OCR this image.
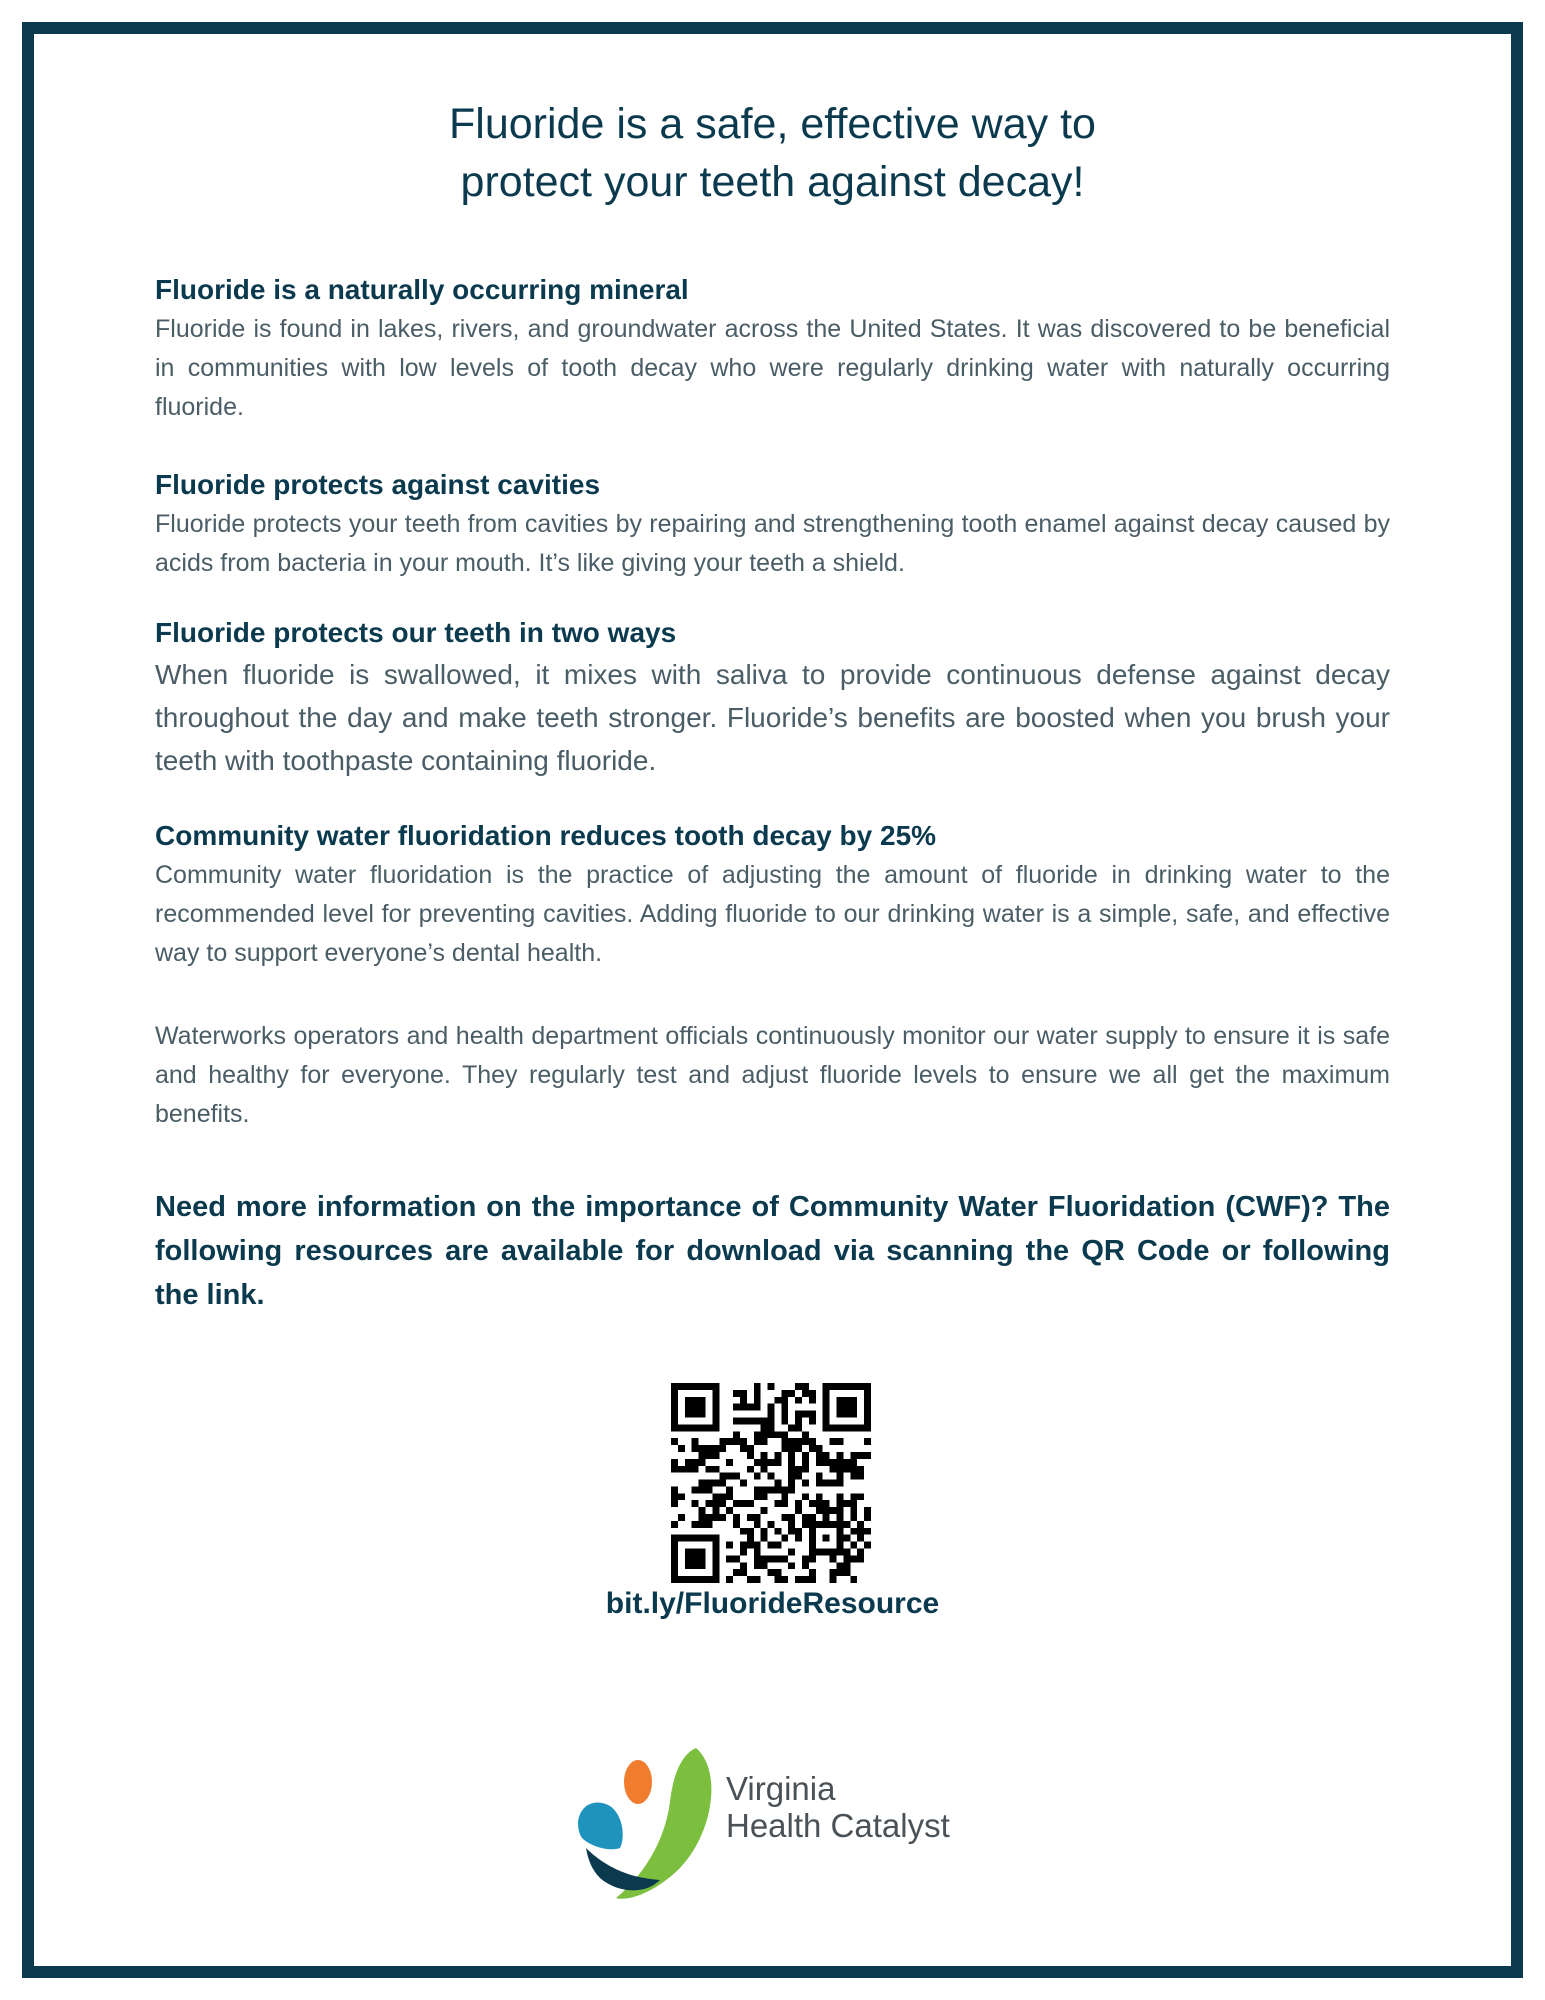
Fluoride is a safe, effective way to
protect your teeth against decay!
Fluoride is a naturally occurring mineral

Fluoride is found in lakes, rivers, and groundwater across the United States. It was discovered to be beneficial in communities with low levels of tooth decay who were regularly drinking water with naturally occurring fluoride.

Fluoride protects against cavities

Fluoride protects your teeth from cavities by repairing and strengthening tooth enamel against decay caused by acids from bacteria in your mouth. It’s like giving your teeth a shield.

Fluoride protects our teeth in two ways

When fluoride is swallowed, it mixes with saliva to provide continuous defense against decay throughout the day and make teeth stronger. Fluoride’s benefits are boosted when you brush your teeth with toothpaste containing fluoride.

Community water fluoridation reduces tooth decay by 25%

Community water fluoridation is the practice of adjusting the amount of fluoride in drinking water to the recommended level for preventing cavities. Adding fluoride to our drinking water is a simple, safe, and effective way to support everyone’s dental health.

Waterworks operators and health department officials continuously monitor our water supply to ensure it is safe and healthy for everyone. They regularly test and adjust fluoride levels to ensure we all get the maximum benefits.

Need more information on the importance of Community Water Fluoridation (CWF)? The following resources are available for download via scanning the QR Code or following the link.

bit.ly/FluorideResource
Virginia
Health Catalyst
